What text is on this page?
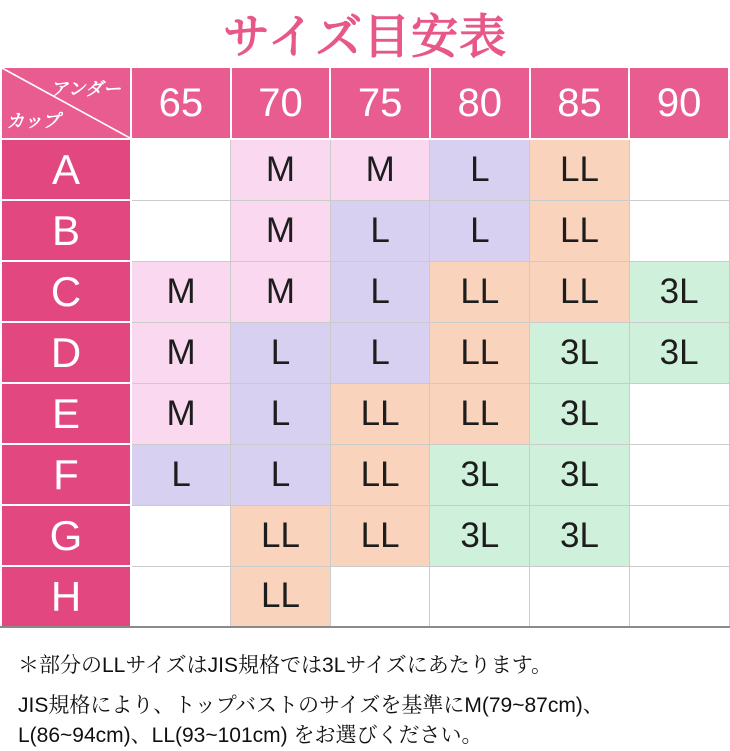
サイズ目安表
アンダー
カップ	65	70	75	80	85	90
A		M	M	L	LL	
B		M	L	L	LL	
C	M	M	L	LL	LL	3L
D	M	L	L	LL	3L	3L
E	M	L	LL	LL	3L	
F	L	L	LL	3L	3L	
G		LL	LL	3L	3L	
H		LL				

＊部分のLLサイズはJIS規格では3Lサイズにあたります。

JIS規格により、トップバストのサイズを基準にM(79~87cm)、
L(86~94cm)、LL(93~101cm) をお選びください。
